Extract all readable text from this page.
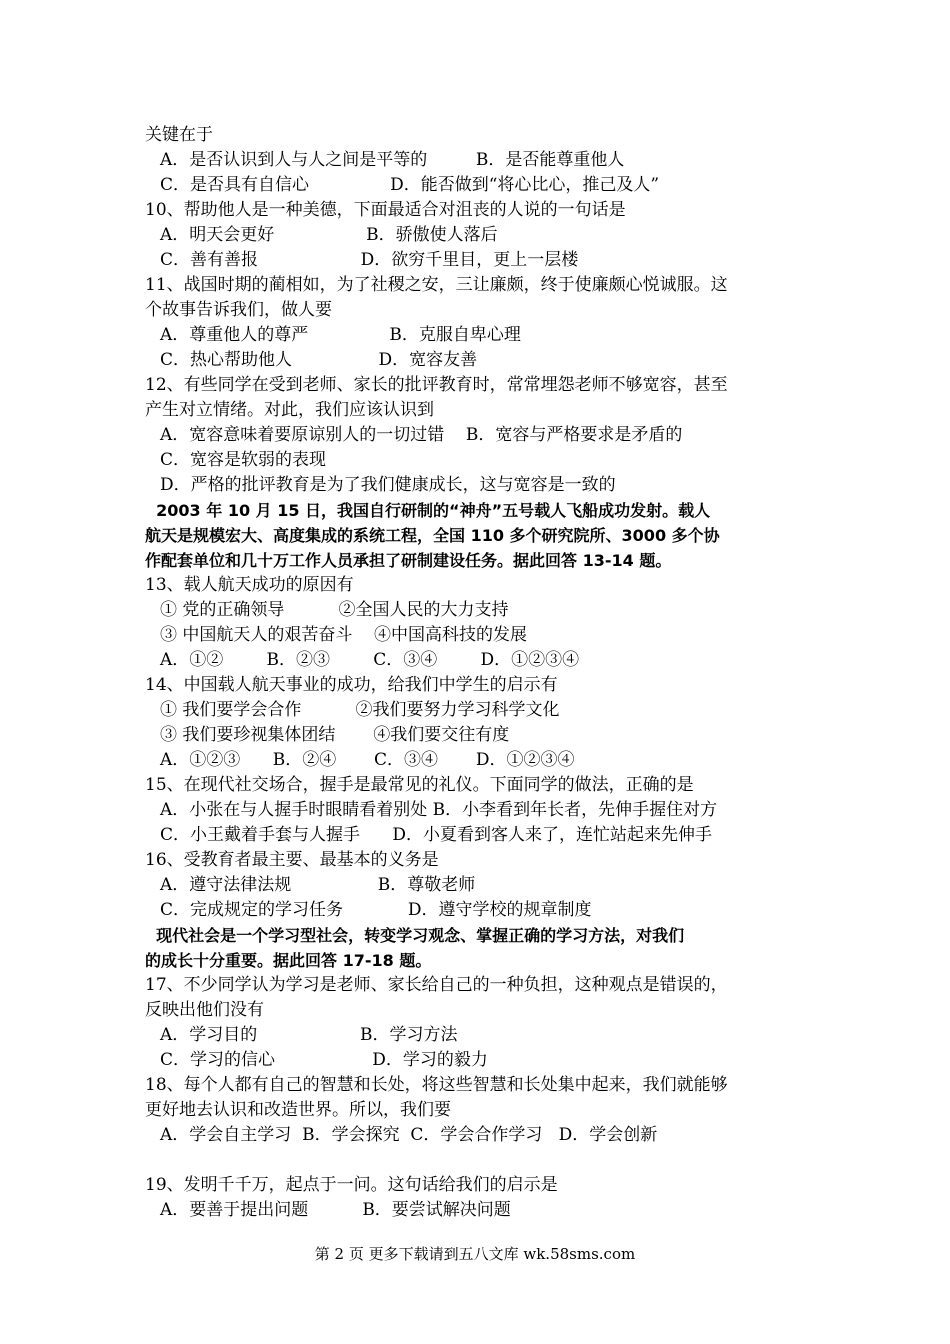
关键在于
A．是否认识到人与人之间是平等的         B．是否能尊重他人
C．是否具有自信心               D．能否做到“将心比心，推己及人”
10、帮助他人是一种美德，下面最适合对沮丧的人说的一句话是
A．明天会更好                 B．骄傲使人落后
C．善有善报                   D．欲穷千里目，更上一层楼
11、战国时期的蔺相如，为了社稷之安，三让廉颇，终于使廉颇心悦诚服。这
个故事告诉我们，做人要
A．尊重他人的尊严               B．克服自卑心理
C．热心帮助他人                D．宽容友善
12、有些同学在受到老师、家长的批评教育时，常常埋怨老师不够宽容，甚至
产生对立情绪。对此，我们应该认识到
A．宽容意味着要原谅别人的一切过错    B．宽容与严格要求是矛盾的
C．宽容是软弱的表现
D．严格的批评教育是为了我们健康成长，这与宽容是一致的
2003 年 10 月 15 日，我国自行研制的“神舟”五号载人飞船成功发射。载人
航天是规模宏大、高度集成的系统工程，全国 110 多个研究院所、3000 多个协
作配套单位和几十万工作人员承担了研制建设任务。据此回答 13-14 题。
13、载人航天成功的原因有
① 党的正确领导          ②全国人民的大力支持
③ 中国航天人的艰苦奋斗    ④中国高科技的发展
A．①②        B．②③        C．③④        D．①②③④
14、中国载人航天事业的成功，给我们中学生的启示有
① 我们要学会合作          ②我们要努力学习科学文化
③ 我们要珍视集体团结       ④我们要交往有度
A．①②③      B．②④       C．③④       D．①②③④
15、在现代社交场合，握手是最常见的礼仪。下面同学的做法，正确的是
A．小张在与人握手时眼睛看着别处 B．小李看到年长者，先伸手握住对方
C．小王戴着手套与人握手      D．小夏看到客人来了，连忙站起来先伸手
16、受教育者最主要、最基本的义务是
A．遵守法律法规                B．尊敬老师
C．完成规定的学习任务            D．遵守学校的规章制度
现代社会是一个学习型社会，转变学习观念、掌握正确的学习方法，对我们
的成长十分重要。据此回答 17-18 题。
17、不少同学认为学习是老师、家长给自己的一种负担，这种观点是错误的，
反映出他们没有
A．学习目的                   B．学习方法
C．学习的信心                  D．学习的毅力
18、每个人都有自己的智慧和长处，将这些智慧和长处集中起来，我们就能够
更好地去认识和改造世界。所以，我们要
A．学会自主学习  B．学会探究  C．学会合作学习   D．学会创新
19、发明千千万，起点于一问。这句话给我们的启示是
A．要善于提出问题          B．要尝试解决问题
第 2 页 更多下载请到五八文库 wk.58sms.com
